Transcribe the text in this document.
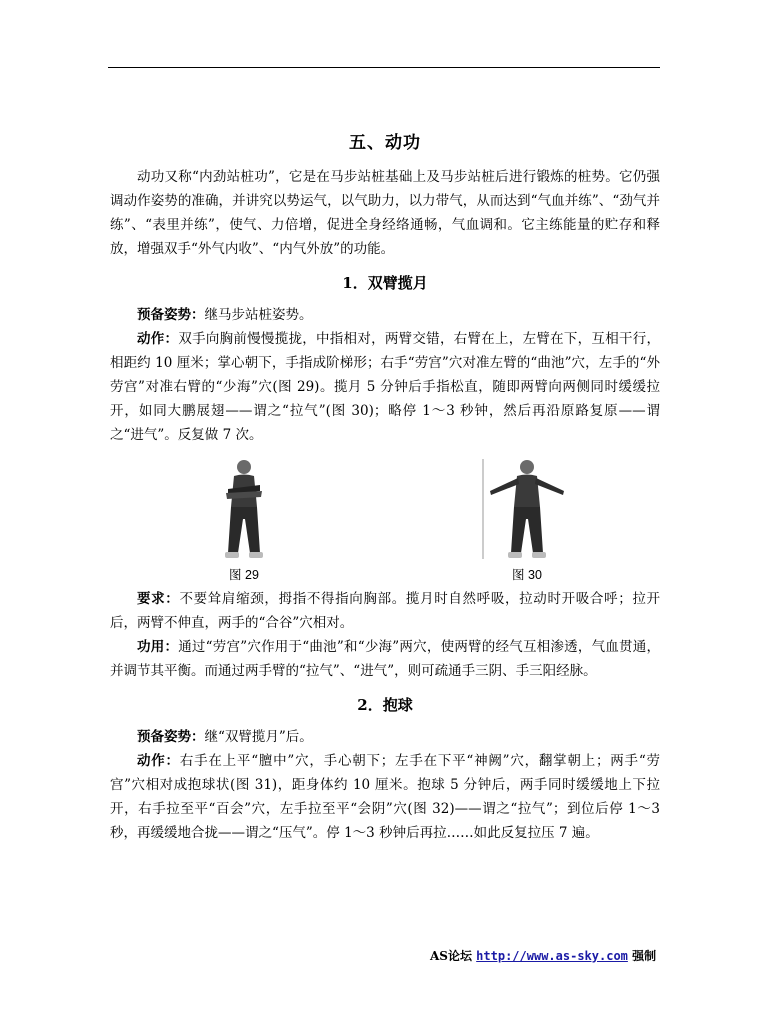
五、动功

动功又称“内劲站桩功”，它是在马步站桩基础上及马步站桩后进行锻炼的桩势。它仍强调动作姿势的准确，并讲究以势运气，以气助力，以力带气，从而达到“气血并练”、“劲气并练”、“表里并练”，使气、力倍增，促进全身经络通畅，气血调和。它主练能量的贮存和释放，增强双手“外气内收”、“内气外放”的功能。

1．双臂揽月

预备姿势：继马步站桩姿势。

动作：双手向胸前慢慢揽拢，中指相对，两臂交错，右臂在上，左臂在下，互相干行，相距约 10 厘米；掌心朝下，手指成阶梯形；右手“劳宫”穴对准左臂的“曲池”穴，左手的“外劳宫”对准右臂的“少海”穴(图 29)。揽月 5 分钟后手指松直，随即两臂向两侧同时缓缓拉开，如同大鹏展翅——谓之“拉气”(图 30)；略停 1～3 秒钟，然后再沿原路复原——谓之“进气”。反复做 7 次。

图 29	图 30

要求：不要耸肩缩颈，拇指不得指向胸部。揽月时自然呼吸，拉动时开吸合呼；拉开后，两臂不伸直，两手的“合谷”穴相对。

功用：通过“劳宫”穴作用于“曲池”和“少海”两穴，使两臂的经气互相渗透，气血贯通，并调节其平衡。而通过两手臂的“拉气”、“进气”，则可疏通手三阴、手三阳经脉。

2．抱球

预备姿势：继“双臂揽月”后。

动作：右手在上平“膻中”穴，手心朝下；左手在下平“神阙”穴，翻掌朝上；两手“劳宫”穴相对成抱球状(图 31)，距身体约 10 厘米。抱球 5 分钟后，两手同时缓缓地上下拉开，右手拉至平“百会”穴，左手拉至平“会阴”穴(图 32)——谓之“拉气”；到位后停 1～3 秒，再缓缓地合拢——谓之“压气”。停 1～3 秒钟后再拉……如此反复拉压 7 遍。

AS论坛 http://www.as-sky.com 强制
